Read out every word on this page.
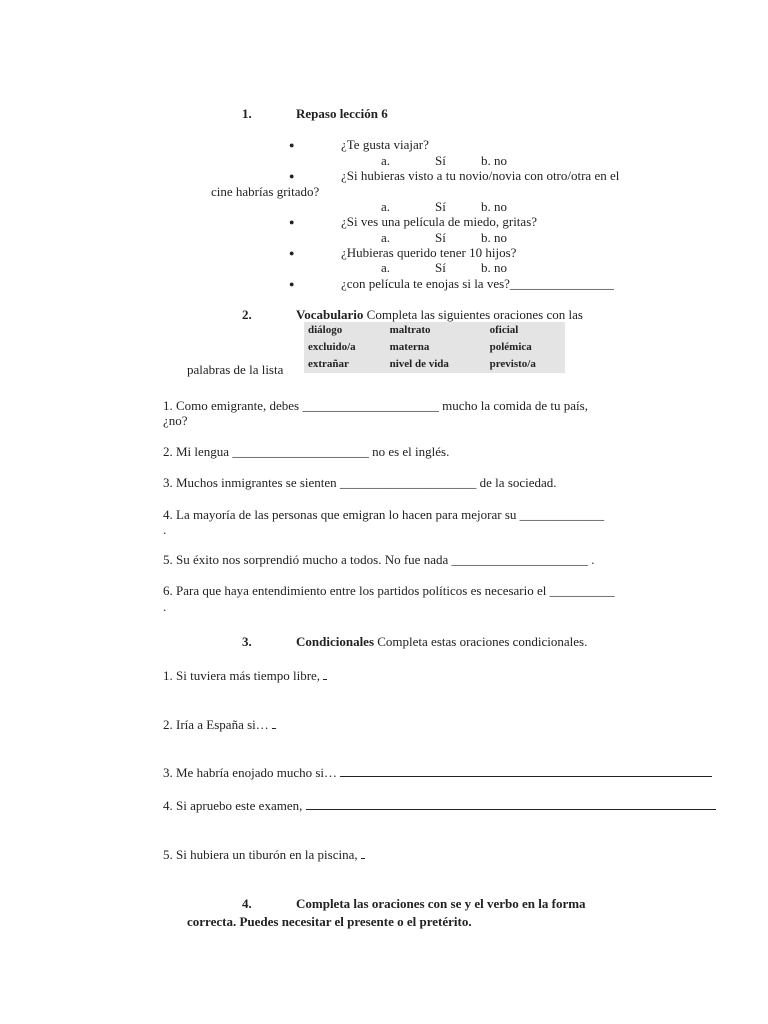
1.	Repaso lección 6
●	¿Te gusta viajar?
a.	Sí	b. no
●	¿Si hubieras visto a tu novio/novia con otro/otra en el
cine habrías gritado?
a.	Sí	b. no
●	¿Si ves una película de miedo, gritas?
a.	Sí	b. no
●	¿Hubieras querido tener 10 hijos?
a.	Sí	b. no
●	¿con película te enojas si la ves?________________
2.	Vocabulario Completa las siguientes oraciones con las
diálogo	maltrato	oficial
excluido/a	materna	polémica
extrañar	nivel de vida	previsto/a
palabras de la lista
1. Como emigrante, debes _____________________ mucho la comida de tu país,
¿no?
2. Mi lengua _____________________ no es el inglés.
3. Muchos inmigrantes se sienten _____________________ de la sociedad.
4. La mayoría de las personas que emigran lo hacen para mejorar su _____________
.
5. Su éxito nos sorprendió mucho a todos. No fue nada _____________________ .
6. Para que haya entendimiento entre los partidos políticos es necesario el __________
.
3.	Condicionales Completa estas oraciones condicionales.
1. Si tuviera más tiempo libre,
2. Iría a España si…
3. Me habría enojado mucho si…
4. Si apruebo este examen,
5. Si hubiera un tiburón en la piscina,
4.	Completa las oraciones con se y el verbo en la forma
correcta. Puedes necesitar el presente o el pretérito.
